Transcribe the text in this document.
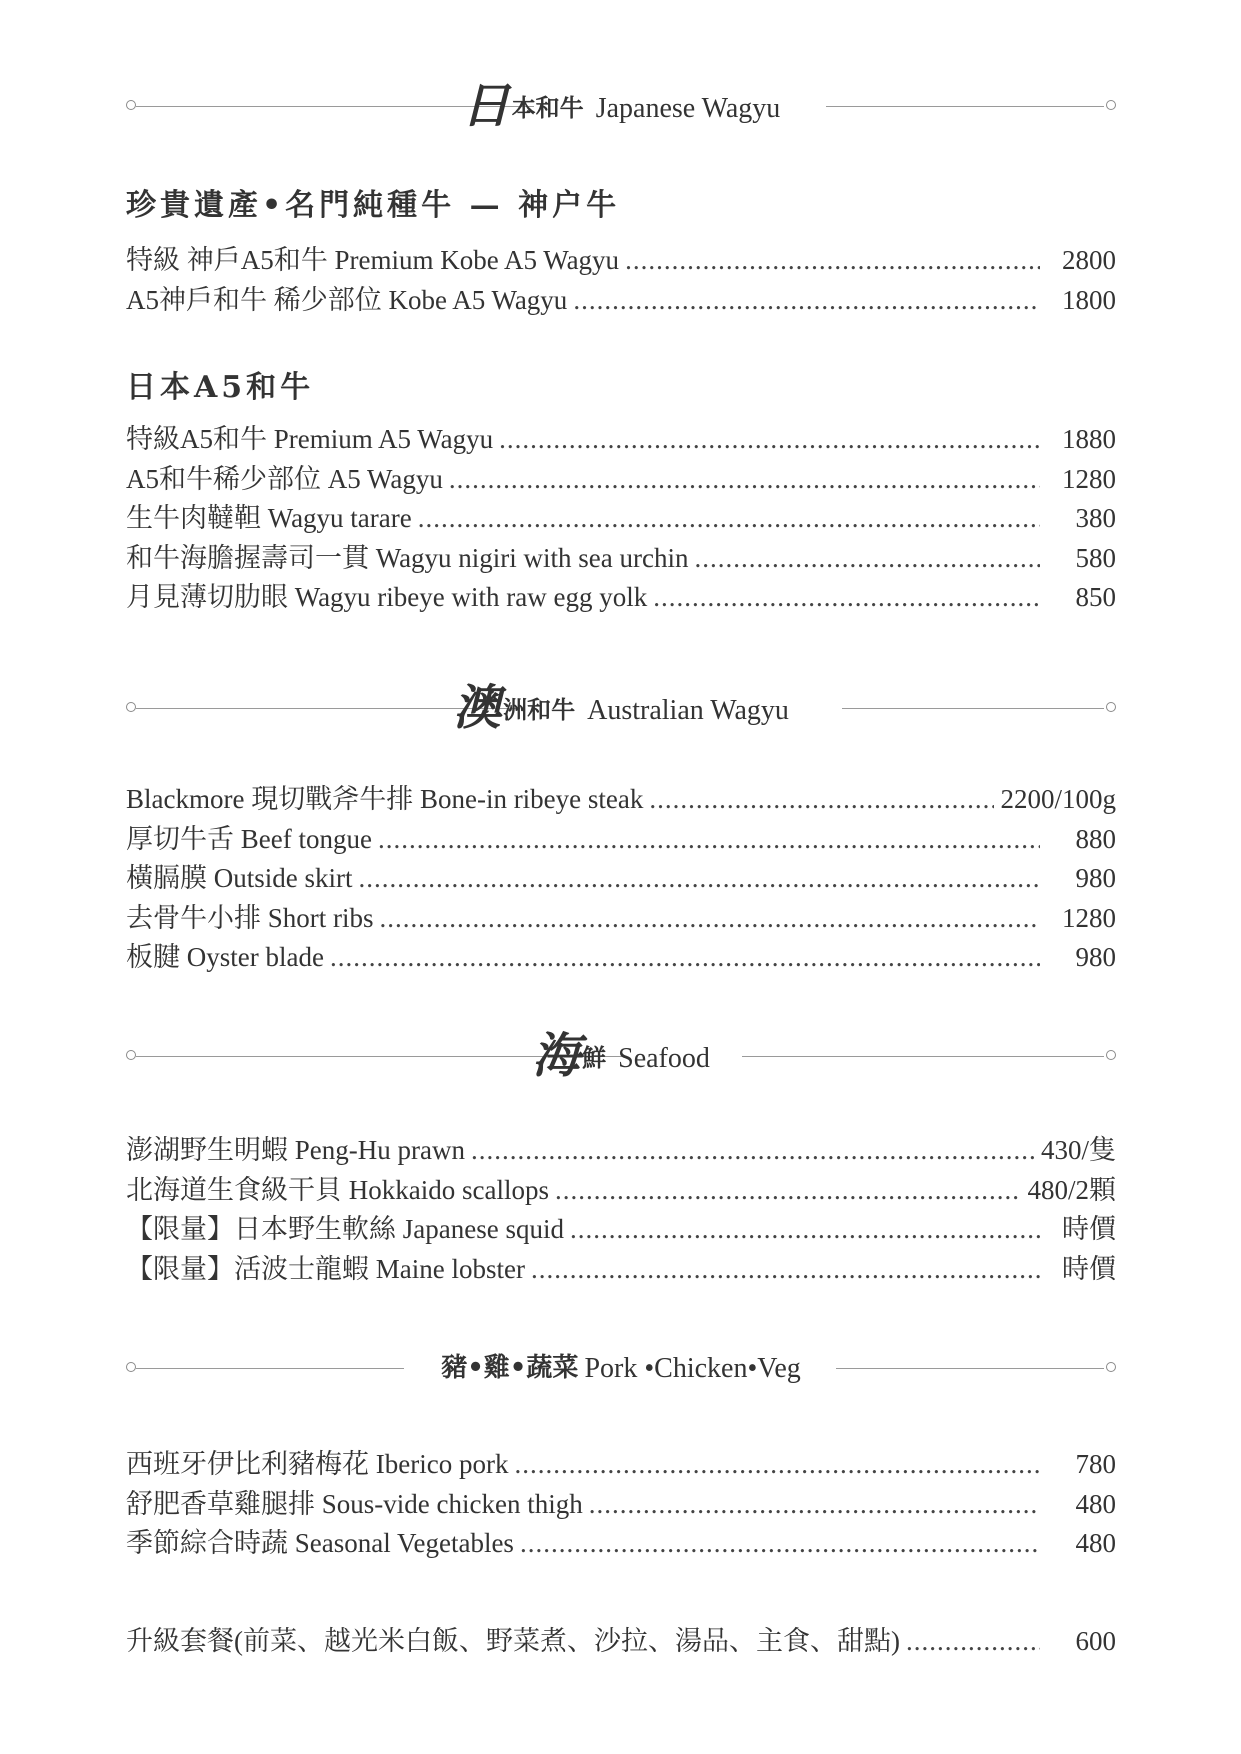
日本和牛 Japanese Wagyu
珍貴遺產•名門純種牛 — 神户牛
特級 神戶A5和牛 Premium Kobe A5 Wagyu .....	2800
A5神戶和牛 稀少部位 Kobe A5 Wagyu .....	1800
日本A5和牛
特級A5和牛 Premium A5 Wagyu .....	1880
A5和牛稀少部位 A5 Wagyu .....	1280
生牛肉韃靼 Wagyu tarare .....	380
和牛海膽握壽司一貫 Wagyu nigiri with sea urchin .....	580
月見薄切肋眼 Wagyu ribeye with raw egg yolk .....	850
澳洲和牛 Australian Wagyu
Blackmore 現切戰斧牛排 Bone-in ribeye steak .....	2200/100g
厚切牛舌 Beef tongue .....	880
橫膈膜 Outside skirt .....	980
去骨牛小排 Short ribs .....	1280
板腱 Oyster blade .....	980
海鮮 Seafood
澎湖野生明蝦 Peng-Hu prawn .....	430/隻
北海道生食級干貝 Hokkaido scallops .....	480/2顆
【限量】日本野生軟絲 Japanese squid .....	時價
【限量】活波士龍蝦 Maine lobster .....	時價
豬•雞•蔬菜 Pork •Chicken•Veg
西班牙伊比利豬梅花 Iberico pork .....	780
舒肥香草雞腿排 Sous-vide chicken thigh .....	480
季節綜合時蔬 Seasonal Vegetables .....	480
升級套餐(前菜、越光米白飯、野菜煮、沙拉、湯品、主食、甜點) .....	600
